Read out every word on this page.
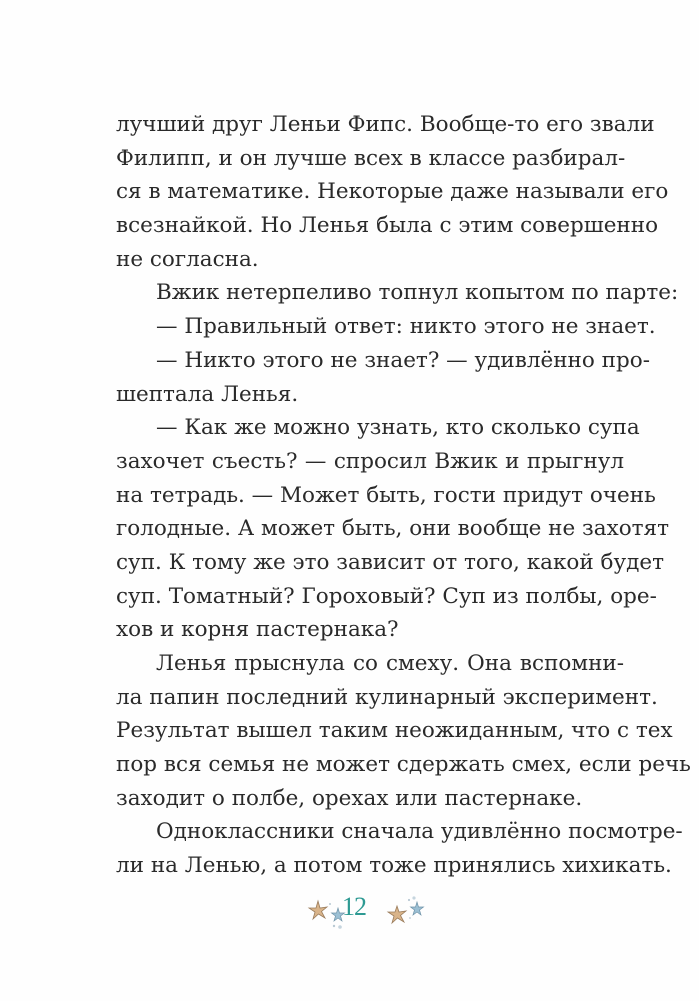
лучший друг Леньи Фипс. Вообще-то его звали
Филипп, и он лучше всех в классе разбирал-
ся в математике. Некоторые даже называли его
всезнайкой. Но Ленья была с этим совершенно
не согласна.
Вжик нетерпеливо топнул копытом по парте:
— Правильный ответ: никто этого не знает.
— Никто этого не знает? — удивлённо про-
шептала Ленья.
— Как же можно узнать, кто сколько супа
захочет съесть? — спросил Вжик и прыгнул
на тетрадь. — Может быть, гости придут очень
голодные. А может быть, они вообще не захотят
суп. К тому же это зависит от того, какой будет
суп. Томатный? Гороховый? Суп из полбы, оре-
хов и корня пастернака?
Ленья прыснула со смеху. Она вспомни-
ла папин последний кулинарный эксперимент.
Результат вышел таким неожиданным, что с тех
пор вся семья не может сдержать смех, если речь
заходит о полбе, орехах или пастернаке.
Одноклассники сначала удивлённо посмотре-
ли на Ленью, а потом тоже принялись хихикать.
12
